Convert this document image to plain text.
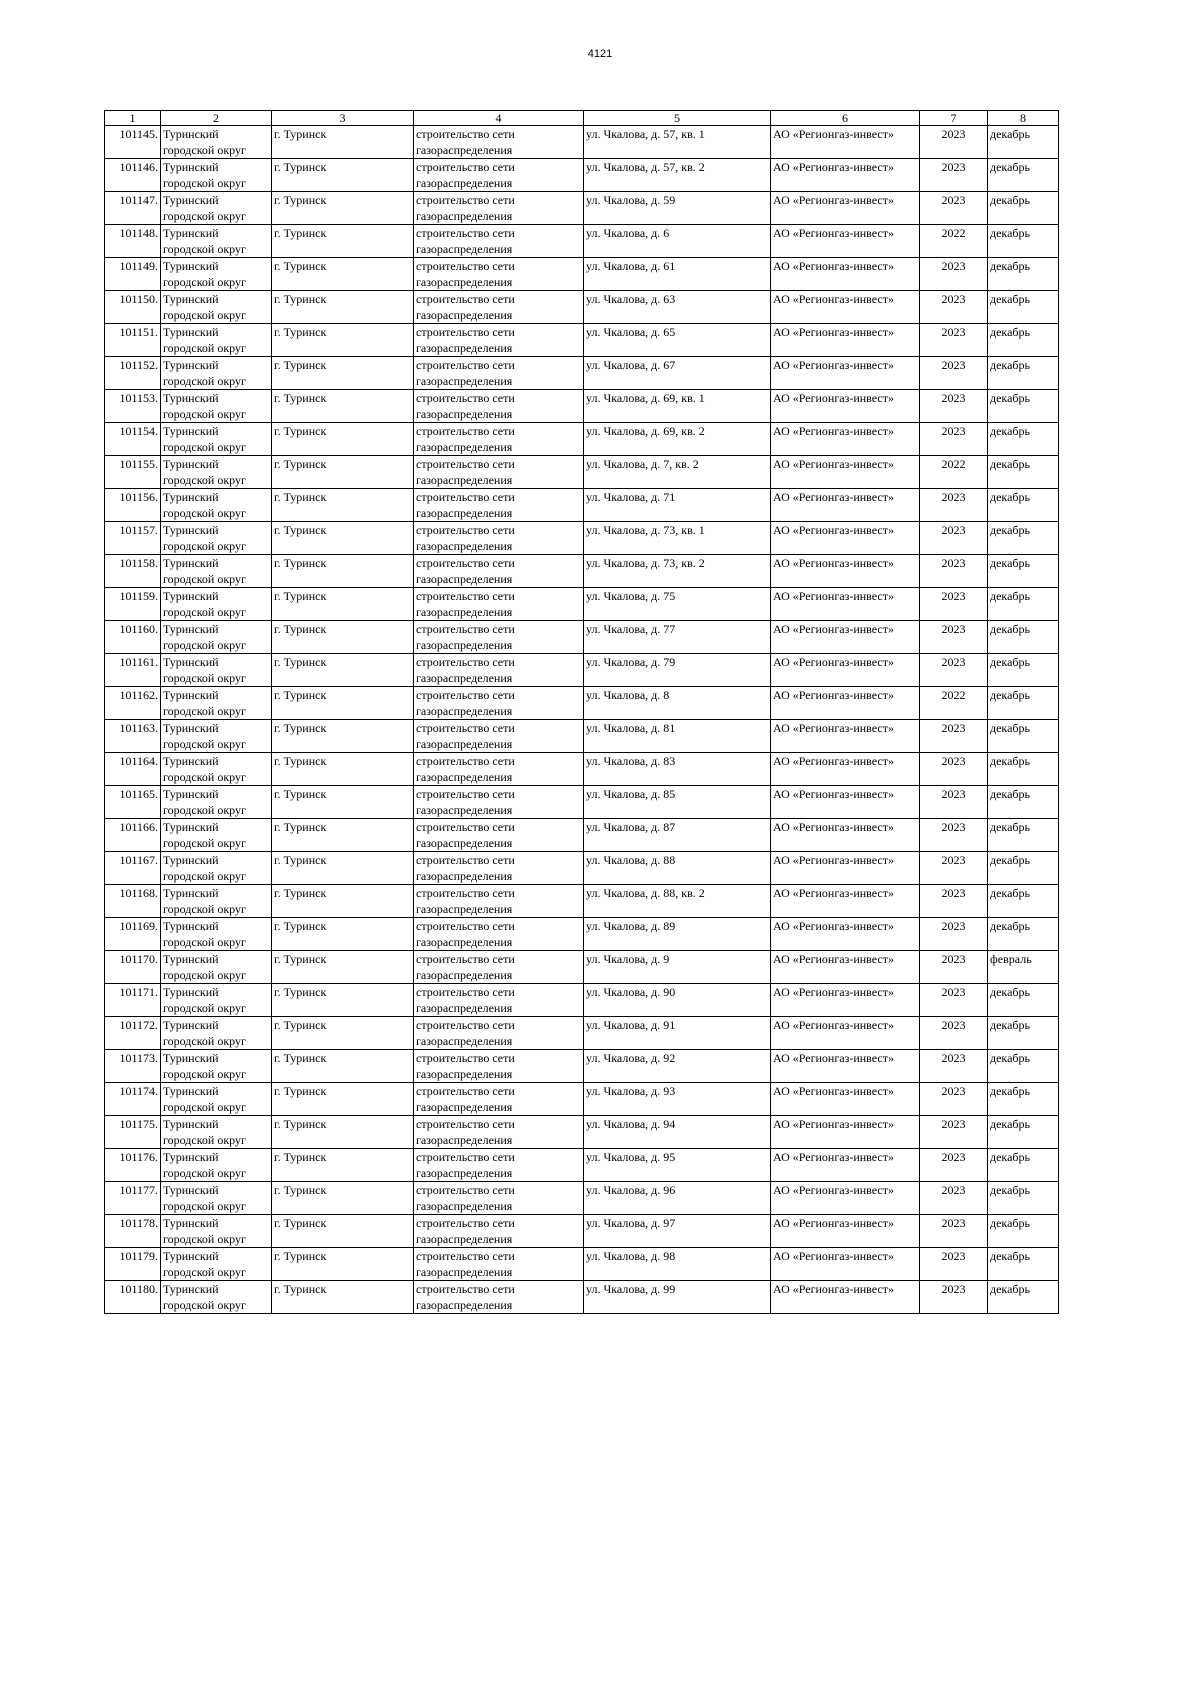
4121
1	2	3	4	5	6	7	8
101145.	Туринский
городской округ	г. Туринск	строительство сети
газораспределения	ул. Чкалова, д. 57, кв. 1	АО «Регионгаз-инвест»	2023	декабрь
101146.	Туринский
городской округ	г. Туринск	строительство сети
газораспределения	ул. Чкалова, д. 57, кв. 2	АО «Регионгаз-инвест»	2023	декабрь
101147.	Туринский
городской округ	г. Туринск	строительство сети
газораспределения	ул. Чкалова, д. 59	АО «Регионгаз-инвест»	2023	декабрь
101148.	Туринский
городской округ	г. Туринск	строительство сети
газораспределения	ул. Чкалова, д. 6	АО «Регионгаз-инвест»	2022	декабрь
101149.	Туринский
городской округ	г. Туринск	строительство сети
газораспределения	ул. Чкалова, д. 61	АО «Регионгаз-инвест»	2023	декабрь
101150.	Туринский
городской округ	г. Туринск	строительство сети
газораспределения	ул. Чкалова, д. 63	АО «Регионгаз-инвест»	2023	декабрь
101151.	Туринский
городской округ	г. Туринск	строительство сети
газораспределения	ул. Чкалова, д. 65	АО «Регионгаз-инвест»	2023	декабрь
101152.	Туринский
городской округ	г. Туринск	строительство сети
газораспределения	ул. Чкалова, д. 67	АО «Регионгаз-инвест»	2023	декабрь
101153.	Туринский
городской округ	г. Туринск	строительство сети
газораспределения	ул. Чкалова, д. 69, кв. 1	АО «Регионгаз-инвест»	2023	декабрь
101154.	Туринский
городской округ	г. Туринск	строительство сети
газораспределения	ул. Чкалова, д. 69, кв. 2	АО «Регионгаз-инвест»	2023	декабрь
101155.	Туринский
городской округ	г. Туринск	строительство сети
газораспределения	ул. Чкалова, д. 7, кв. 2	АО «Регионгаз-инвест»	2022	декабрь
101156.	Туринский
городской округ	г. Туринск	строительство сети
газораспределения	ул. Чкалова, д. 71	АО «Регионгаз-инвест»	2023	декабрь
101157.	Туринский
городской округ	г. Туринск	строительство сети
газораспределения	ул. Чкалова, д. 73, кв. 1	АО «Регионгаз-инвест»	2023	декабрь
101158.	Туринский
городской округ	г. Туринск	строительство сети
газораспределения	ул. Чкалова, д. 73, кв. 2	АО «Регионгаз-инвест»	2023	декабрь
101159.	Туринский
городской округ	г. Туринск	строительство сети
газораспределения	ул. Чкалова, д. 75	АО «Регионгаз-инвест»	2023	декабрь
101160.	Туринский
городской округ	г. Туринск	строительство сети
газораспределения	ул. Чкалова, д. 77	АО «Регионгаз-инвест»	2023	декабрь
101161.	Туринский
городской округ	г. Туринск	строительство сети
газораспределения	ул. Чкалова, д. 79	АО «Регионгаз-инвест»	2023	декабрь
101162.	Туринский
городской округ	г. Туринск	строительство сети
газораспределения	ул. Чкалова, д. 8	АО «Регионгаз-инвест»	2022	декабрь
101163.	Туринский
городской округ	г. Туринск	строительство сети
газораспределения	ул. Чкалова, д. 81	АО «Регионгаз-инвест»	2023	декабрь
101164.	Туринский
городской округ	г. Туринск	строительство сети
газораспределения	ул. Чкалова, д. 83	АО «Регионгаз-инвест»	2023	декабрь
101165.	Туринский
городской округ	г. Туринск	строительство сети
газораспределения	ул. Чкалова, д. 85	АО «Регионгаз-инвест»	2023	декабрь
101166.	Туринский
городской округ	г. Туринск	строительство сети
газораспределения	ул. Чкалова, д. 87	АО «Регионгаз-инвест»	2023	декабрь
101167.	Туринский
городской округ	г. Туринск	строительство сети
газораспределения	ул. Чкалова, д. 88	АО «Регионгаз-инвест»	2023	декабрь
101168.	Туринский
городской округ	г. Туринск	строительство сети
газораспределения	ул. Чкалова, д. 88, кв. 2	АО «Регионгаз-инвест»	2023	декабрь
101169.	Туринский
городской округ	г. Туринск	строительство сети
газораспределения	ул. Чкалова, д. 89	АО «Регионгаз-инвест»	2023	декабрь
101170.	Туринский
городской округ	г. Туринск	строительство сети
газораспределения	ул. Чкалова, д. 9	АО «Регионгаз-инвест»	2023	февраль
101171.	Туринский
городской округ	г. Туринск	строительство сети
газораспределения	ул. Чкалова, д. 90	АО «Регионгаз-инвест»	2023	декабрь
101172.	Туринский
городской округ	г. Туринск	строительство сети
газораспределения	ул. Чкалова, д. 91	АО «Регионгаз-инвест»	2023	декабрь
101173.	Туринский
городской округ	г. Туринск	строительство сети
газораспределения	ул. Чкалова, д. 92	АО «Регионгаз-инвест»	2023	декабрь
101174.	Туринский
городской округ	г. Туринск	строительство сети
газораспределения	ул. Чкалова, д. 93	АО «Регионгаз-инвест»	2023	декабрь
101175.	Туринский
городской округ	г. Туринск	строительство сети
газораспределения	ул. Чкалова, д. 94	АО «Регионгаз-инвест»	2023	декабрь
101176.	Туринский
городской округ	г. Туринск	строительство сети
газораспределения	ул. Чкалова, д. 95	АО «Регионгаз-инвест»	2023	декабрь
101177.	Туринский
городской округ	г. Туринск	строительство сети
газораспределения	ул. Чкалова, д. 96	АО «Регионгаз-инвест»	2023	декабрь
101178.	Туринский
городской округ	г. Туринск	строительство сети
газораспределения	ул. Чкалова, д. 97	АО «Регионгаз-инвест»	2023	декабрь
101179.	Туринский
городской округ	г. Туринск	строительство сети
газораспределения	ул. Чкалова, д. 98	АО «Регионгаз-инвест»	2023	декабрь
101180.	Туринский
городской округ	г. Туринск	строительство сети
газораспределения	ул. Чкалова, д. 99	АО «Регионгаз-инвест»	2023	декабрь
